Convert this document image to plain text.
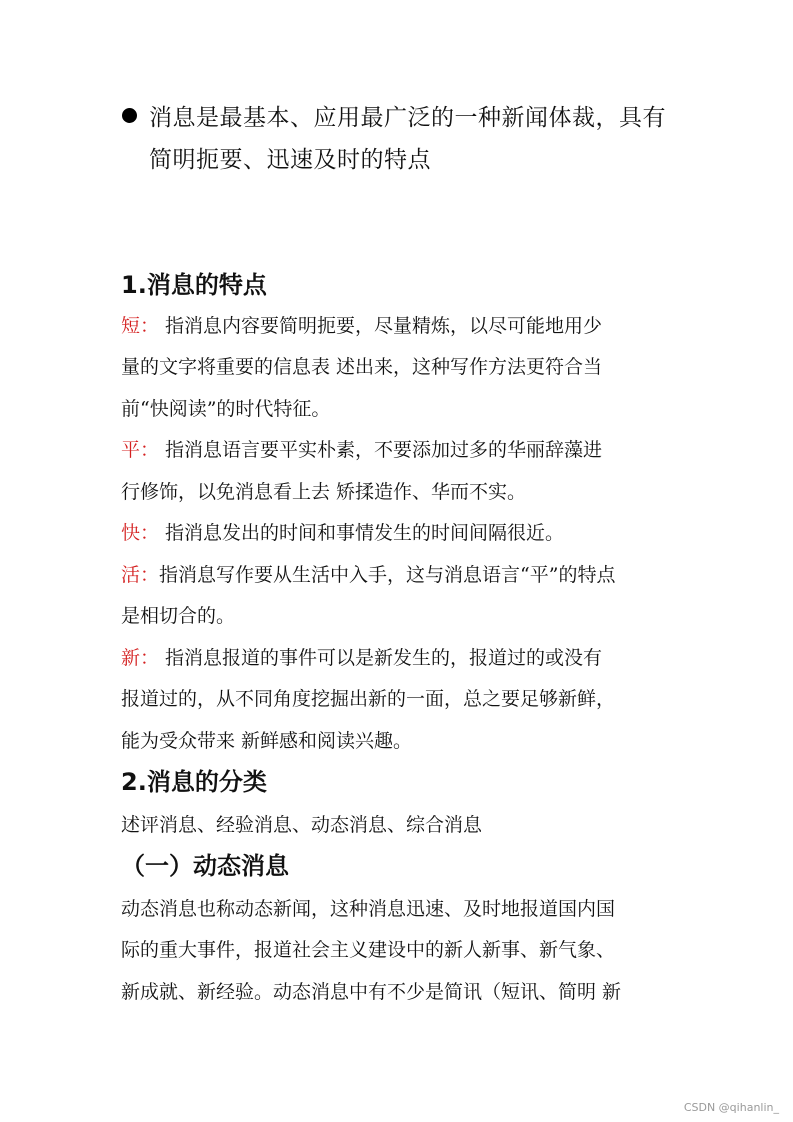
消息是最基本、应用最广泛的一种新闻体裁，具有
简明扼要、迅速及时的特点
1.消息的特点
短： 指消息内容要简明扼要，尽量精炼，以尽可能地用少
量的文字将重要的信息表 述出来，这种写作方法更符合当
前“快阅读”的时代特征。
平： 指消息语言要平实朴素，不要添加过多的华丽辞藻进
行修饰，以免消息看上去 矫揉造作、华而不实。
快： 指消息发出的时间和事情发生的时间间隔很近。
活：指消息写作要从生活中入手，这与消息语言“平”的特点
是相切合的。
新： 指消息报道的事件可以是新发生的，报道过的或没有
报道过的，从不同角度挖掘出新的一面，总之要足够新鲜，
能为受众带来 新鲜感和阅读兴趣。
2.消息的分类
述评消息、经验消息、动态消息、综合消息
（一）动态消息
动态消息也称动态新闻，这种消息迅速、及时地报道国内国
际的重大事件，报道社会主义建设中的新人新事、新气象、
新成就、新经验。动态消息中有不少是简讯（短讯、简明 新
CSDN @qihanlin_
